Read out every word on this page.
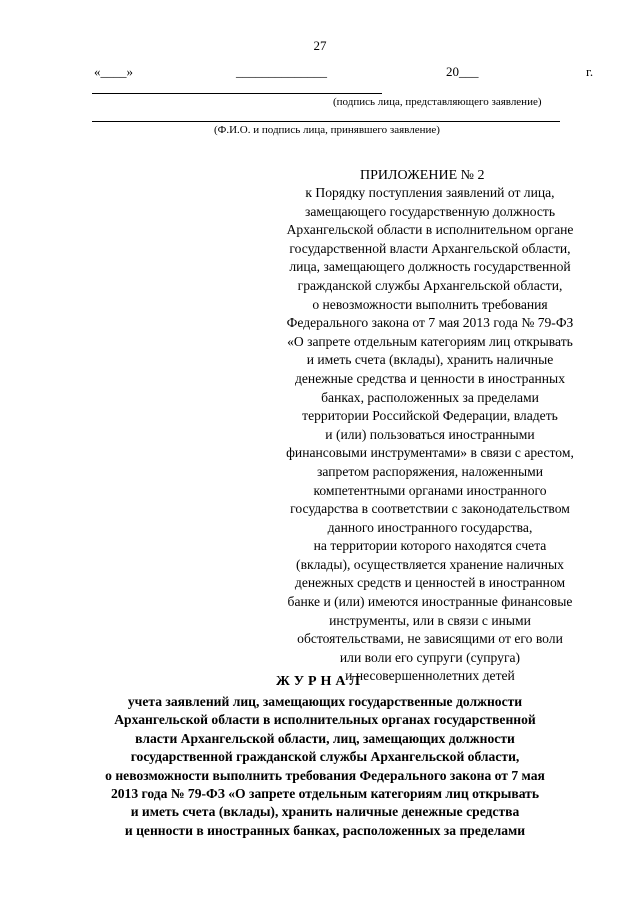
27
«____»	______________	20___	г.
(подпись лица, представляющего заявление)
(Ф.И.О. и подпись лица, принявшего заявление)
ПРИЛОЖЕНИЕ № 2
к Порядку поступления заявлений от лица,
замещающего государственную должность
Архангельской области в исполнительном органе
государственной власти Архангельской области,
лица, замещающего должность государственной
гражданской службы Архангельской области,
о невозможности выполнить требования
Федерального закона от 7 мая 2013 года № 79-ФЗ
«О запрете отдельным категориям лиц открывать
и иметь счета (вклады), хранить наличные
денежные средства и ценности в иностранных
банках, расположенных за пределами
территории Российской Федерации, владеть
и (или) пользоваться иностранными
финансовыми инструментами» в связи с арестом,
запретом распоряжения, наложенными
компетентными органами иностранного
государства в соответствии с законодательством
данного иностранного государства,
на территории которого находятся счета
(вклады), осуществляется хранение наличных
денежных средств и ценностей в иностранном
банке и (или) имеются иностранные финансовые
инструменты, или в связи с иными
обстоятельствами, не зависящими от его воли
или воли его супруги (супруга)
и несовершеннолетних детей
ЖУРНАЛ
учета заявлений лиц, замещающих государственные должности
Архангельской области в исполнительных органах государственной
власти Архангельской области, лиц, замещающих должности
государственной гражданской службы Архангельской области,
о невозможности выполнить требования Федерального закона от 7 мая
2013 года № 79-ФЗ «О запрете отдельным категориям лиц открывать
и иметь счета (вклады), хранить наличные денежные средства
и ценности в иностранных банках, расположенных за пределами
